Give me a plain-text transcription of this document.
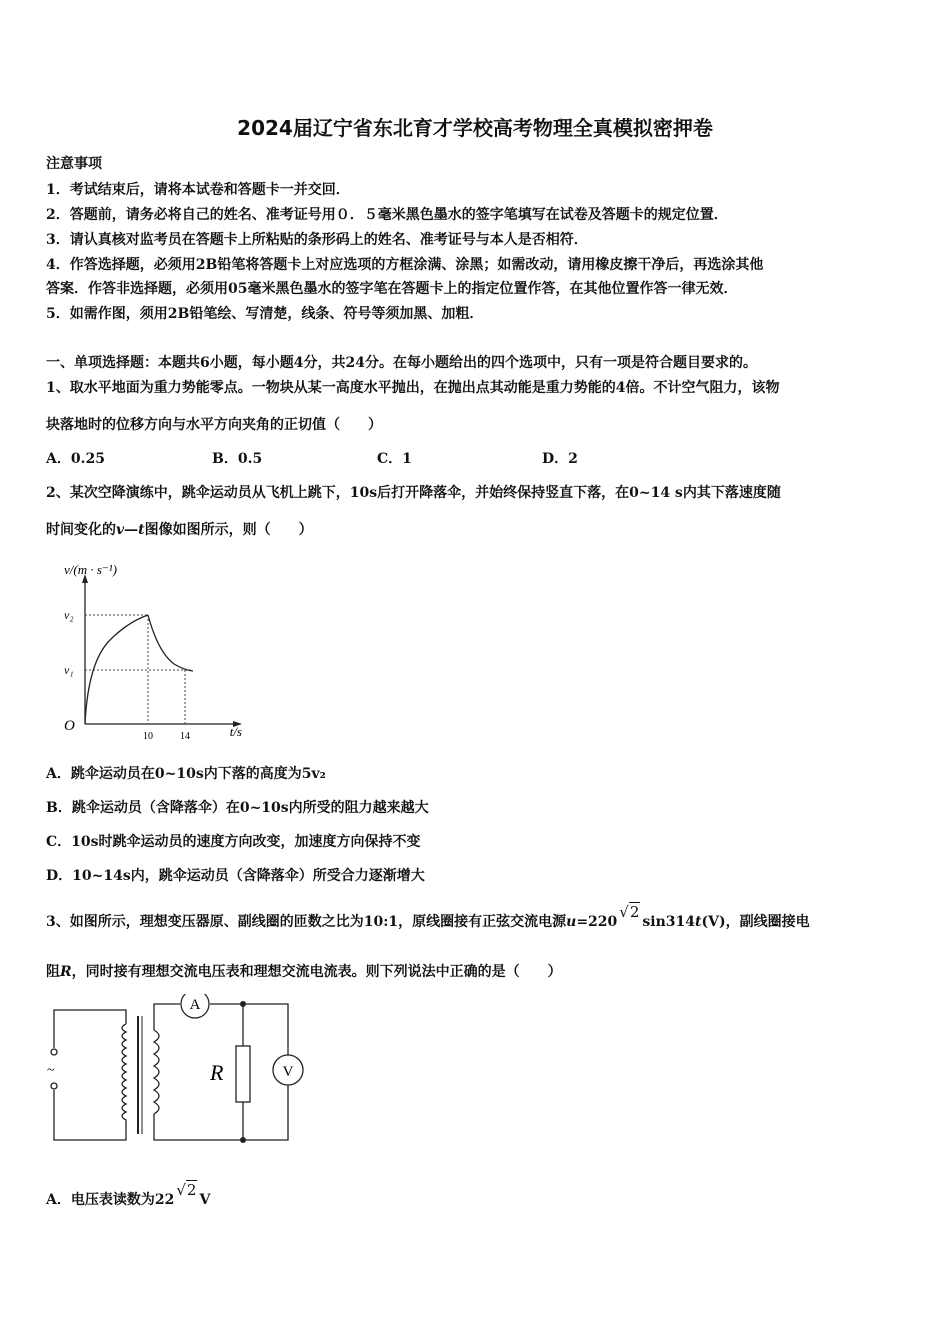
2024届辽宁省东北育才学校高考物理全真模拟密押卷
注意事项
1．考试结束后，请将本试卷和答题卡一并交回．
2．答题前，请务必将自己的姓名、准考证号用０．５毫米黑色墨水的签字笔填写在试卷及答题卡的规定位置．
3．请认真核对监考员在答题卡上所粘贴的条形码上的姓名、准考证号与本人是否相符．
4．作答选择题，必须用2B铅笔将答题卡上对应选项的方框涂满、涂黑；如需改动，请用橡皮擦干净后，再选涂其他
答案．作答非选择题，必须用05毫米黑色墨水的签字笔在答题卡上的指定位置作答，在其他位置作答一律无效．
5．如需作图，须用2B铅笔绘、写清楚，线条、符号等须加黑、加粗．
一、单项选择题：本题共6小题，每小题4分，共24分。在每小题给出的四个选项中，只有一项是符合题目要求的。
1、取水平地面为重力势能零点。一物块从某一高度水平抛出，在抛出点其动能是重力势能的4倍。不计空气阻力，该物
块落地时的位移方向与水平方向夹角的正切值（　　）
A．0.25	B．0.5	C．1	D．2
2、某次空降演练中，跳伞运动员从飞机上跳下，10s后打开降落伞，并始终保持竖直下落，在0~14 s内其下落速度随
时间变化的v—t图像如图所示，则（　　）
v/(m · s⁻¹)
t/s
O
v₂
v₁
10	14
A．跳伞运动员在0~10s内下落的高度为5v₂
B．跳伞运动员（含降落伞）在0~10s内所受的阻力越来越大
C．10s时跳伞运动员的速度方向改变，加速度方向保持不变
D．10~14s内，跳伞运动员（含降落伞）所受合力逐渐增大
3、如图所示，理想变压器原、副线圈的匝数之比为10:1，原线圈接有正弦交流电源u=220√2sin314t(V)，副线圈接电
阻R，同时接有理想交流电压表和理想交流电流表。则下列说法中正确的是（　　）
~
A
V
R
A．电压表读数为22√2V
